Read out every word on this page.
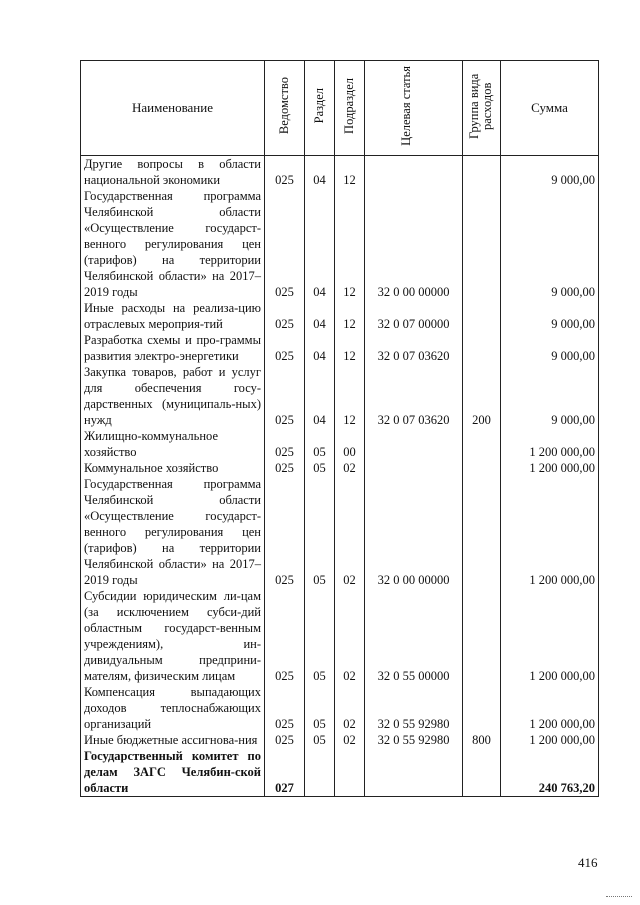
Наименование	Ведомство	Раздел	Подраздел	Целевая статья	Группа вида расходов	Сумма
Другие вопросы в области национальной экономики	025	04	12			9 000,00
Государственная программа Челябинской области «Осуществление государст-венного регулирования цен (тарифов) на территории Челябинской области» на 2017–2019 годы	025	04	12	32 0 00 00000		9 000,00
Иные расходы на реализа-цию отраслевых мероприя-тий	025	04	12	32 0 07 00000		9 000,00
Разработка схемы и про-граммы развития электро-энергетики	025	04	12	32 0 07 03620		9 000,00
Закупка товаров, работ и услуг для обеспечения госу-дарственных (муниципаль-ных) нужд	025	04	12	32 0 07 03620	200	9 000,00
Жилищно-коммунальное хозяйство	025	05	00			1 200 000,00
Коммунальное хозяйство	025	05	02			1 200 000,00
Государственная программа Челябинской области «Осуществление государст-венного регулирования цен (тарифов) на территории Челябинской области» на 2017–2019 годы	025	05	02	32 0 00 00000		1 200 000,00
Субсидии юридическим ли-цам (за исключением субси-дий областным государст-венным учреждениям), ин-дивидуальным предприни-мателям, физическим лицам	025	05	02	32 0 55 00000		1 200 000,00
Компенсация выпадающих доходов теплоснабжающих организаций	025	05	02	32 0 55 92980		1 200 000,00
Иные бюджетные ассигнова-ния	025	05	02	32 0 55 92980	800	1 200 000,00
Государственный комитет по делам ЗАГС Челябин-ской области	027					240 763,20
416
